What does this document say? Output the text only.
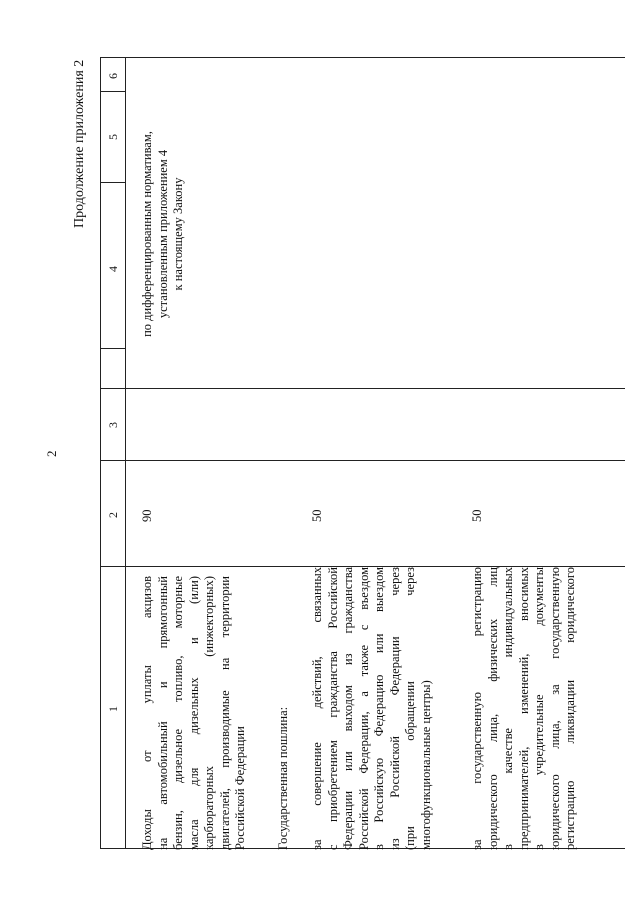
2
Продолжение приложения 2
1
2
3
4
5
6
Доходы от уплаты акцизов на автомобильный и прямогонный бензин, дизельное топливо, моторные масла для дизельных и (или) карбюраторных (инжекторных) двигателей, производимые на территории Российской Федерации
90
по дифференцированным нормативам, установленным приложением 4 к настоящему Закону
Государственная пошлина: за совершение действий, связанных с приобретением гражданства Российской Федерации или выходом из гражданства Российской Федерации, а также с въездом в Российскую Федерацию или выездом из Российской Федерации через (при обращении через многофункциональные центры)
50
за государственную регистрацию юридического лица, физических лиц в качестве индивидуальных предпринимателей, изменений, вносимых в учредительные документы юридического лица, за государственную регистрацию ликвидации юридического
50
